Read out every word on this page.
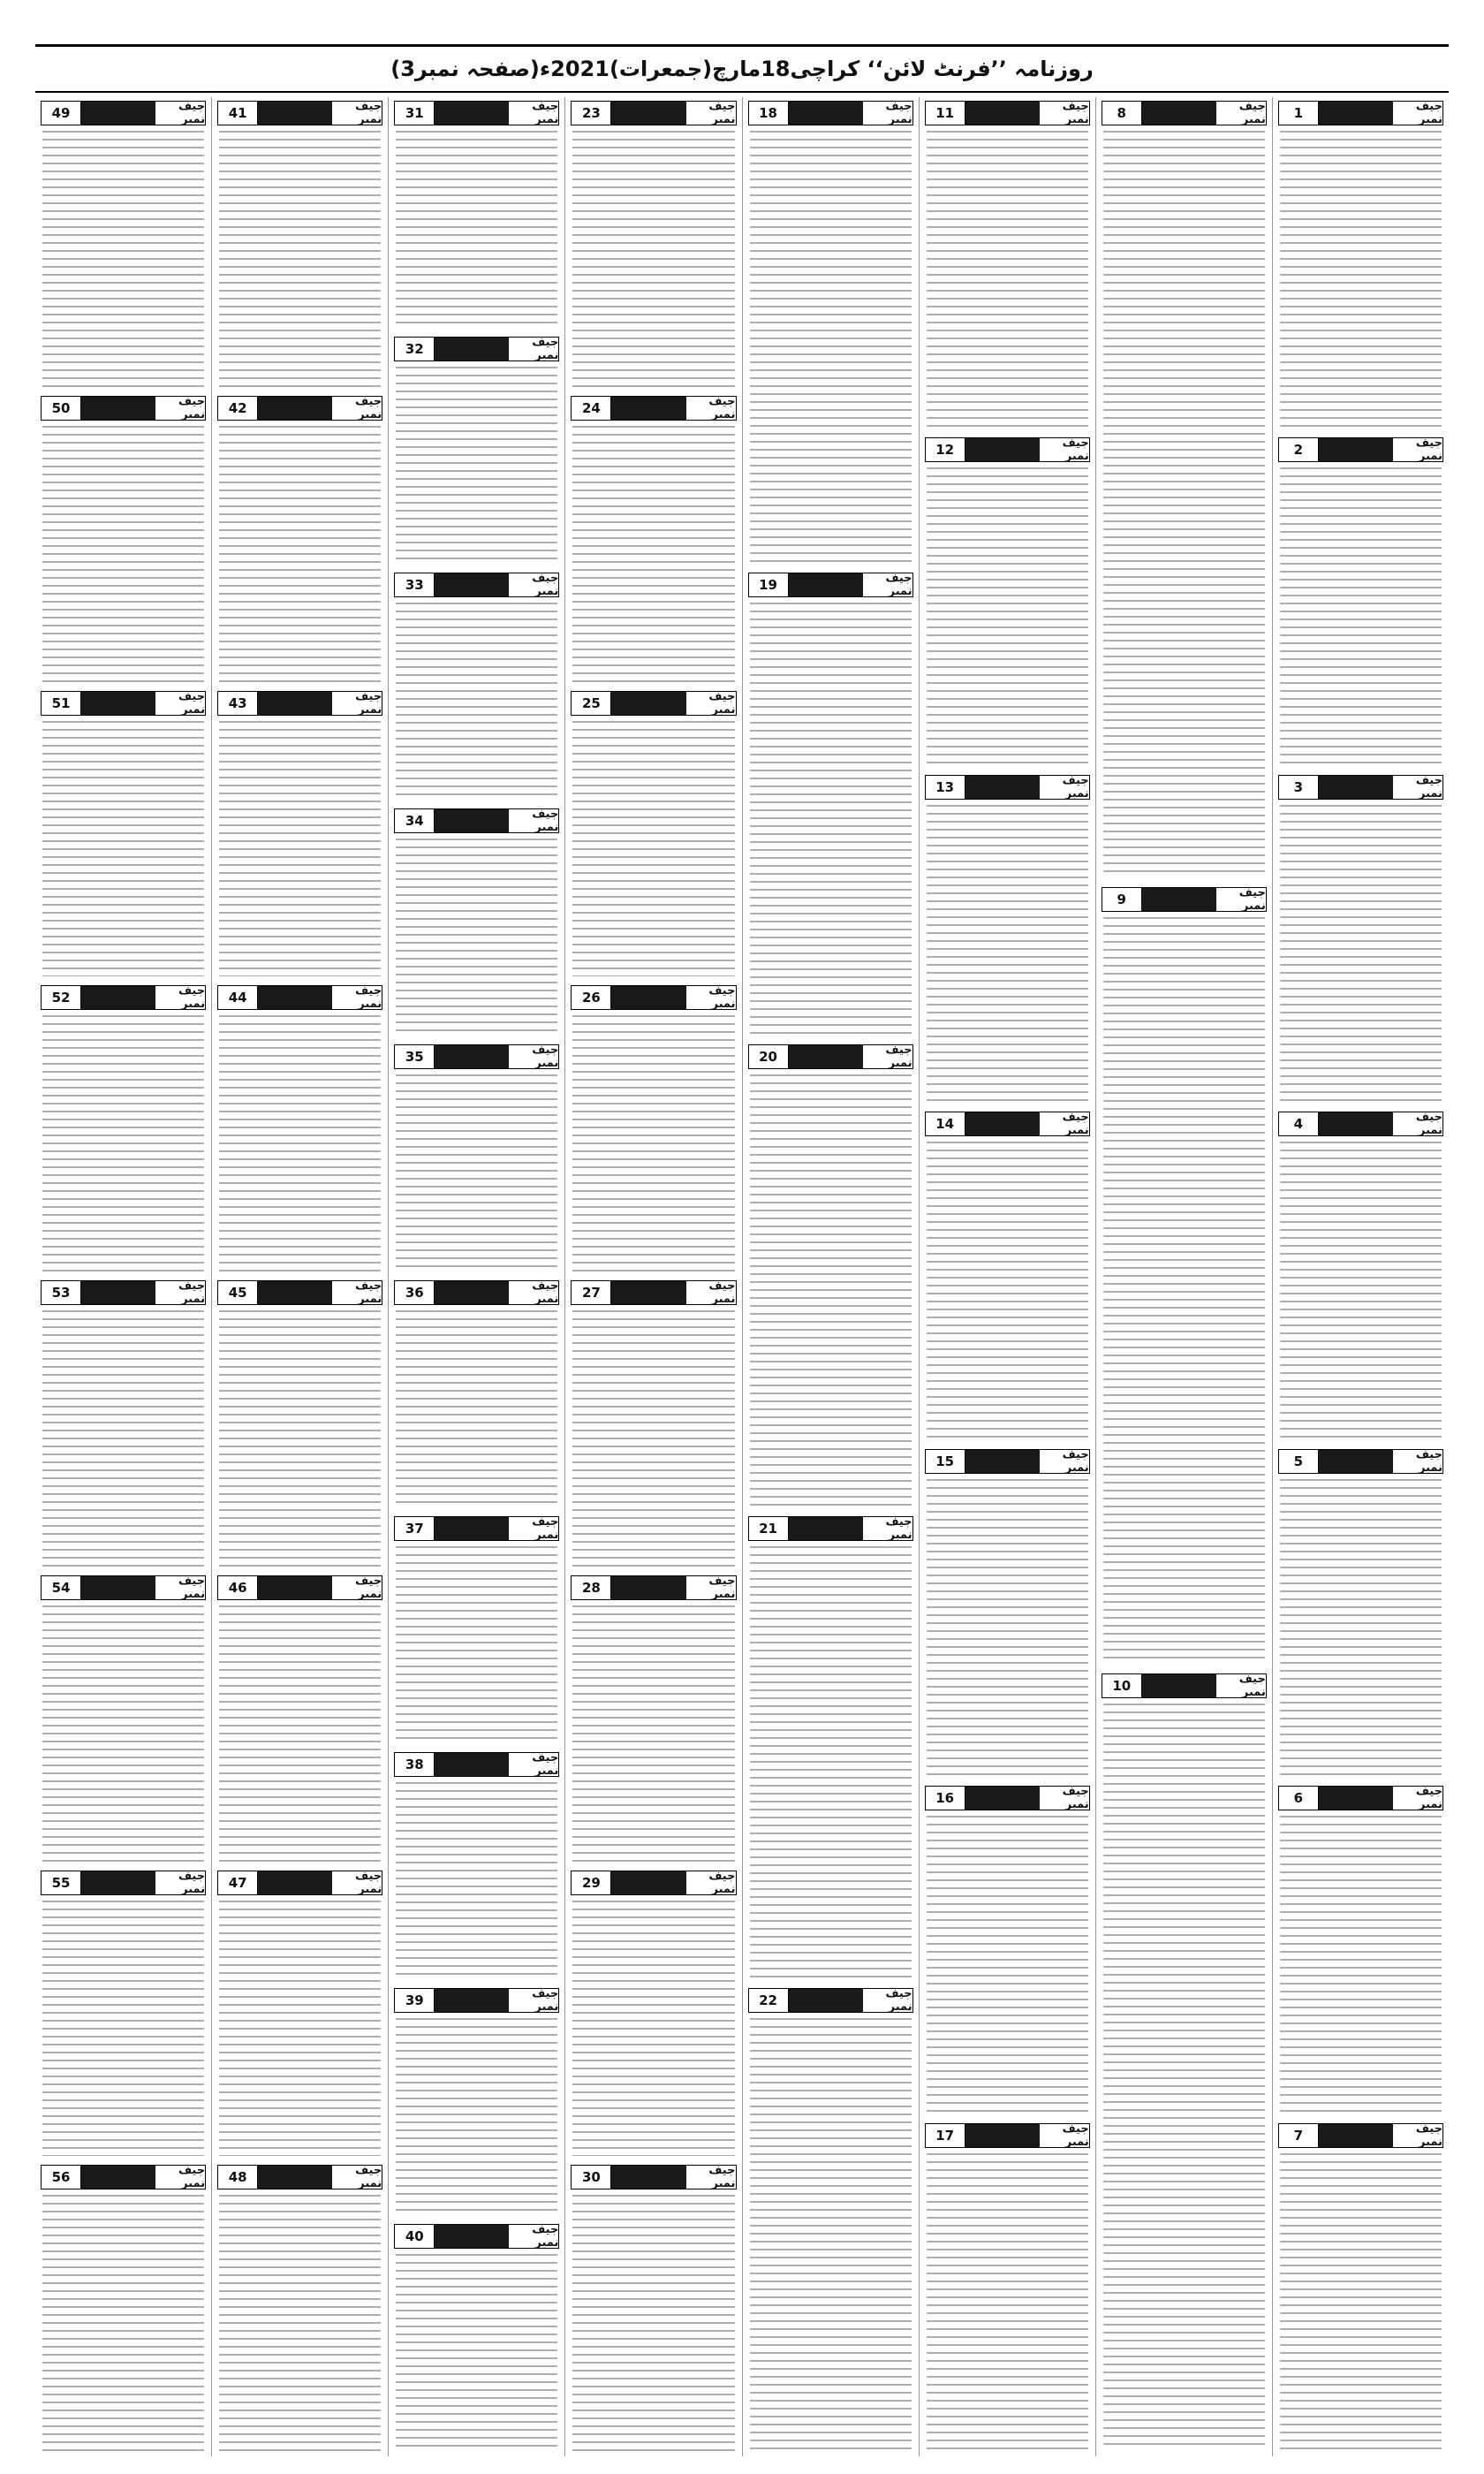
روزنامہ ’’فرنٹ لائن‘‘ کراچی18مارچ(جمعرات)2021ء(صفحہ نمبر3)
جیف نمبر
1
جیف نمبر
2
جیف نمبر
3
جیف نمبر
4
جیف نمبر
5
جیف نمبر
6
جیف نمبر
7
جیف نمبر
8
جیف نمبر
9
جیف نمبر
10
جیف نمبر
11
جیف نمبر
12
جیف نمبر
13
جیف نمبر
14
جیف نمبر
15
جیف نمبر
16
جیف نمبر
17
جیف نمبر
18
جیف نمبر
19
جیف نمبر
20
جیف نمبر
21
جیف نمبر
22
جیف نمبر
23
جیف نمبر
24
جیف نمبر
25
جیف نمبر
26
جیف نمبر
27
جیف نمبر
28
جیف نمبر
29
جیف نمبر
30
جیف نمبر
31
جیف نمبر
32
جیف نمبر
33
جیف نمبر
34
جیف نمبر
35
جیف نمبر
36
جیف نمبر
37
جیف نمبر
38
جیف نمبر
39
جیف نمبر
40
جیف نمبر
41
جیف نمبر
42
جیف نمبر
43
جیف نمبر
44
جیف نمبر
45
جیف نمبر
46
جیف نمبر
47
جیف نمبر
48
جیف نمبر
49
جیف نمبر
50
جیف نمبر
51
جیف نمبر
52
جیف نمبر
53
جیف نمبر
54
جیف نمبر
55
جیف نمبر
56
